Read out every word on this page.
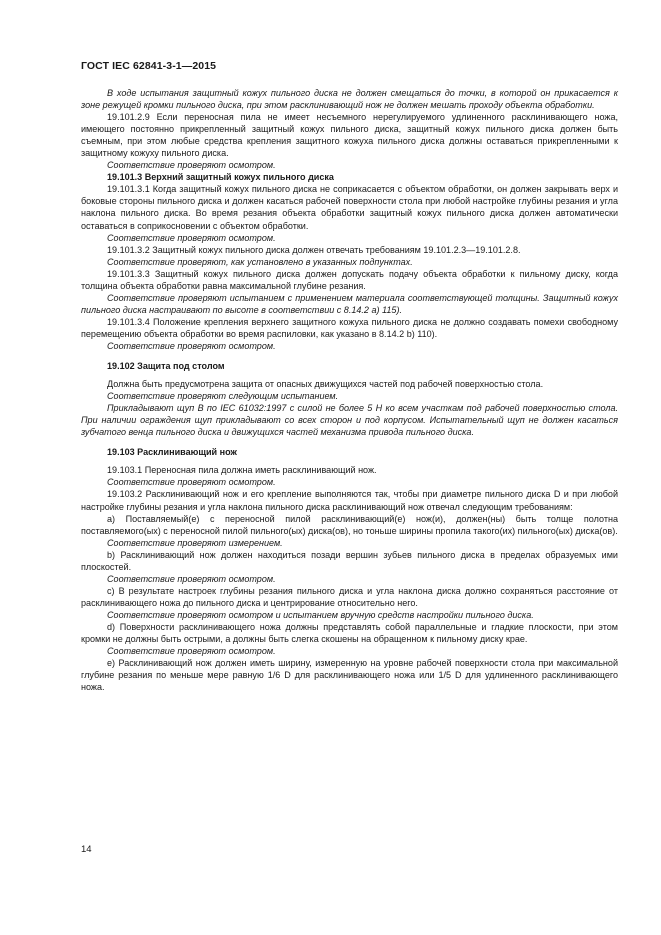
ГОСТ IEC 62841-3-1—2015

В ходе испытания защитный кожух пильного диска не должен смещаться до точки, в которой он прикасается к зоне режущей кромки пильного диска, при этом расклинивающий нож не должен мешать проходу объекта обработки.

19.101.2.9 Если переносная пила не имеет несъемного нерегулируемого удлиненного расклинивающего ножа, имеющего постоянно прикрепленный защитный кожух пильного диска, защитный кожух пильного диска должен быть съемным, при этом любые средства крепления защитного кожуха пильного диска должны оставаться прикрепленными к защитному кожуху пильного диска.

Соответствие проверяют осмотром.

19.101.3 Верхний защитный кожух пильного диска

19.101.3.1 Когда защитный кожух пильного диска не соприкасается с объектом обработки, он должен закрывать верх и боковые стороны пильного диска и должен касаться рабочей поверхности стола при любой настройке глубины резания и угла наклона пильного диска. Во время резания объекта обработки защитный кожух пильного диска должен автоматически оставаться в соприкосновении с объектом обработки.

Соответствие проверяют осмотром.

19.101.3.2 Защитный кожух пильного диска должен отвечать требованиям 19.101.2.3—19.101.2.8.

Соответствие проверяют, как установлено в указанных подпунктах.

19.101.3.3 Защитный кожух пильного диска должен допускать подачу объекта обработки к пильному диску, когда толщина объекта обработки равна максимальной глубине резания.

Соответствие проверяют испытанием с применением материала соответствующей толщины. Защитный кожух пильного диска настраивают по высоте в соответствии с 8.14.2 а) 115).

19.101.3.4 Положение крепления верхнего защитного кожуха пильного диска не должно создавать помехи свободному перемещению объекта обработки во время распиловки, как указано в 8.14.2 b) 110).

Соответствие проверяют осмотром.

19.102 Защита под столом

Должна быть предусмотрена защита от опасных движущихся частей под рабочей поверхностью стола.

Соответствие проверяют следующим испытанием.

Прикладывают щуп В по IEC 61032:1997 с силой не более 5 Н ко всем участкам под рабочей поверхностью стола. При наличии ограждения щуп прикладывают со всех сторон и под корпусом. Испытательный щуп не должен касаться зубчатого венца пильного диска и движущихся частей механизма привода пильного диска.

19.103 Расклинивающий нож

19.103.1 Переносная пила должна иметь расклинивающий нож.

Соответствие проверяют осмотром.

19.103.2 Расклинивающий нож и его крепление выполняются так, чтобы при диаметре пильного диска D и при любой настройке глубины резания и угла наклона пильного диска расклинивающий нож отвечал следующим требованиям:

a) Поставляемый(е) с переносной пилой расклинивающий(е) нож(и), должен(ны) быть толще полотна поставляемого(ых) с переносной пилой пильного(ых) диска(ов), но тоньше ширины пропила такого(их) пильного(ых) диска(ов).

Соответствие проверяют измерением.

b) Расклинивающий нож должен находиться позади вершин зубьев пильного диска в пределах образуемых ими плоскостей.

Соответствие проверяют осмотром.

c) В результате настроек глубины резания пильного диска и угла наклона диска должно сохраняться расстояние от расклинивающего ножа до пильного диска и центрирование относительно него.

Соответствие проверяют осмотром и испытанием вручную средств настройки пильного диска.

d) Поверхности расклинивающего ножа должны представлять собой параллельные и гладкие плоскости, при этом кромки не должны быть острыми, а должны быть слегка скошены на обращенном к пильному диску крае.

Соответствие проверяют осмотром.

e) Расклинивающий нож должен иметь ширину, измеренную на уровне рабочей поверхности стола при максимальной глубине резания по меньше мере равную 1/6 D для расклинивающего ножа или 1/5 D для удлиненного расклинивающего ножа.

14
